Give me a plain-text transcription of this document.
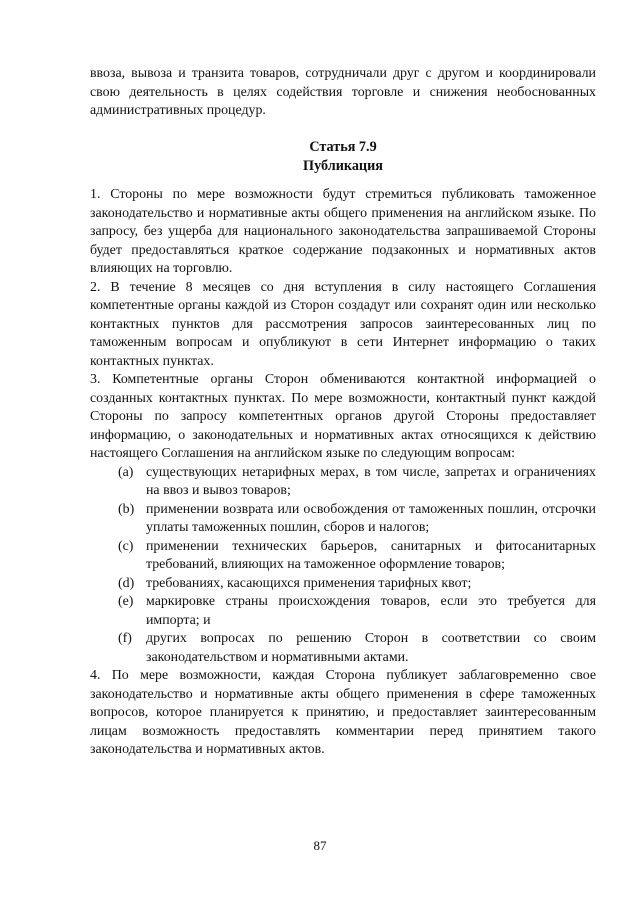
ввоза, вывоза и транзита товаров, сотрудничали друг с другом и координировали свою деятельность в целях содействия торговле и снижения необоснованных административных процедур.

Статья 7.9
Публикация

1. Стороны по мере возможности будут стремиться публиковать таможенное законодательство и нормативные акты общего применения на английском языке. По запросу, без ущерба для национального законодательства запрашиваемой Стороны будет предоставляться краткое содержание подзаконных и нормативных актов влияющих на торговлю.

2. В течение 8 месяцев со дня вступления в силу настоящего Соглашения компетентные органы каждой из Сторон создадут или сохранят один или несколько контактных пунктов для рассмотрения запросов заинтересованных лиц по таможенным вопросам и опубликуют в сети Интернет информацию о таких контактных пунктах.

3. Компетентные органы Сторон обмениваются контактной информацией о созданных контактных пунктах. По мере возможности, контактный пункт каждой Стороны по запросу компетентных органов другой Стороны предоставляет информацию, о законодательных и нормативных актах относящихся к действию настоящего Соглашения на английском языке по следующим вопросам:

(a) существующих нетарифных мерах, в том числе, запретах и ограничениях на ввоз и вывоз товаров;
(b) применении возврата или освобождения от таможенных пошлин, отсрочки уплаты таможенных пошлин, сборов и налогов;
(c) применении технических барьеров, санитарных и фитосанитарных требований, влияющих на таможенное оформление товаров;
(d) требованиях, касающихся применения тарифных квот;
(e) маркировке страны происхождения товаров, если это требуется для импорта; и
(f)	других вопросах по решению Сторон в соответствии со своим законодательством и нормативными актами.

4. По мере возможности, каждая Сторона публикует заблаговременно свое законодательство и нормативные акты общего применения в сфере таможенных вопросов, которое планируется к принятию, и предоставляет заинтересованным лицам возможность предоставлять комментарии перед принятием такого законодательства и нормативных актов.

87
